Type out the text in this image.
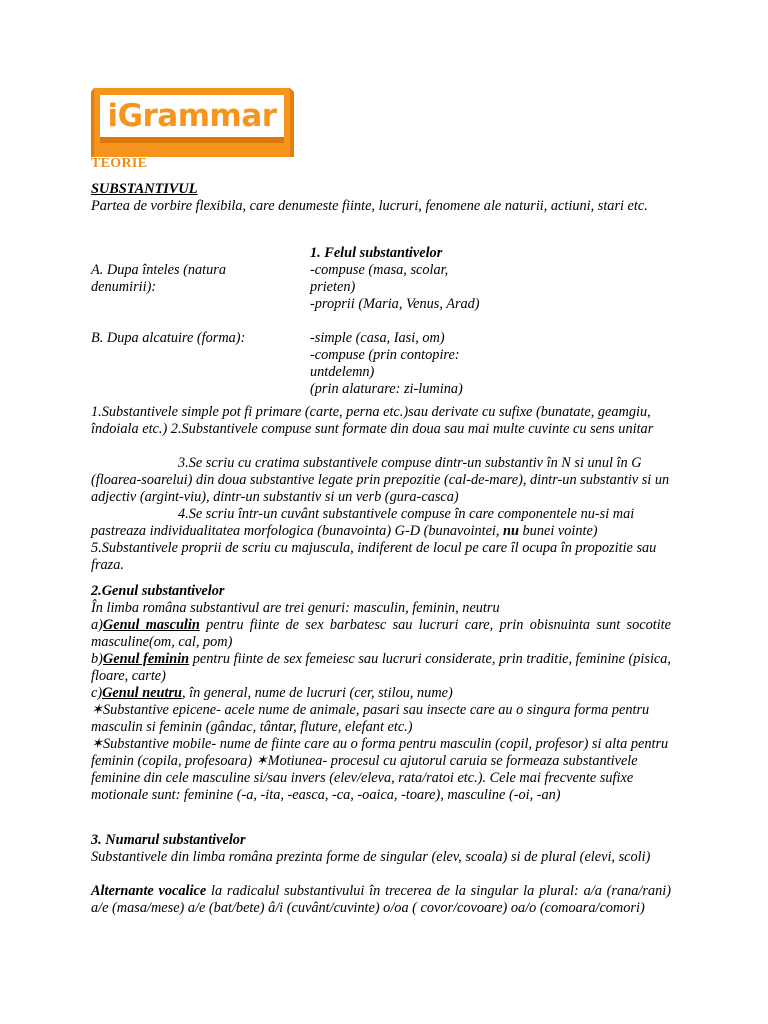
iGrammar
TEORIE
SUBSTANTIVUL
Partea de vorbire flexibila, care denumeste fiinte, lucruri, fenomene ale naturii, actiuni, stari etc.
1. Felul substantivelor
A. Dupa înteles (natura denumirii):
-compuse (masa, scolar, prieten)
-proprii (Maria, Venus, Arad)
B. Dupa alcatuire (forma):	-simple (casa, Iasi, om)
-compuse (prin contopire: untdelemn)
(prin alaturare: zi-lumina)
1.Substantivele simple pot fi primare (carte, perna etc.)sau derivate cu sufixe (bunatate, geamgiu, îndoiala etc.) 2.Substantivele compuse sunt formate din doua sau mai multe cuvinte cu sens unitar
3.Se scriu cu cratima substantivele compuse dintr-un substantiv în N si unul în G (floarea-soarelui) din doua substantive legate prin prepozitie (cal-de-mare), dintr-un substantiv si un adjectiv (argint-viu), dintr-un substantiv si un verb (gura-casca)
4.Se scriu într-un cuvânt substantivele compuse în care componentele nu-si mai pastreaza individualitatea morfologica (bunavointa) G-D (bunavointei, nu bunei vointe)
5.Substantivele proprii de scriu cu majuscula, indiferent de locul pe care îl ocupa în propozitie sau fraza.
2.Genul substantivelor
În limba româna substantivul are trei genuri: masculin, feminin, neutru
a)Genul masculin pentru fiinte de sex barbatesc sau lucruri care, prin obisnuinta sunt socotite masculine(om, cal, pom)
b)Genul feminin pentru fiinte de sex femeiesc sau lucruri considerate, prin traditie, feminine (pisica, floare, carte)
c)Genul neutru, în general, nume de lucruri (cer, stilou, nume)
✶Substantive epicene- acele nume de animale, pasari sau insecte care au o singura forma pentru masculin si feminin (gândac, tântar, fluture, elefant etc.)
✶Substantive mobile- nume de fiinte care au o forma pentru masculin (copil, profesor) si alta pentru feminin (copila, profesoara) ✶Motiunea- procesul cu ajutorul caruia se formeaza substantivele feminine din cele masculine si/sau invers (elev/eleva, rata/ratoi etc.). Cele mai frecvente sufixe motionale sunt: feminine (-a, -ita, -easca, -ca, -oaica, -toare), masculine (-oi, -an)
3. Numarul substantivelor
Substantivele din limba româna prezinta forme de singular (elev, scoala) si de plural (elevi, scoli)
Alternante vocalice la radicalul substantivului în trecerea de la singular la plural: a/a (rana/rani) a/e (masa/mese) a/e (bat/bete) â/i (cuvânt/cuvinte) o/oa ( covor/covoare) oa/o (comoara/comori)
